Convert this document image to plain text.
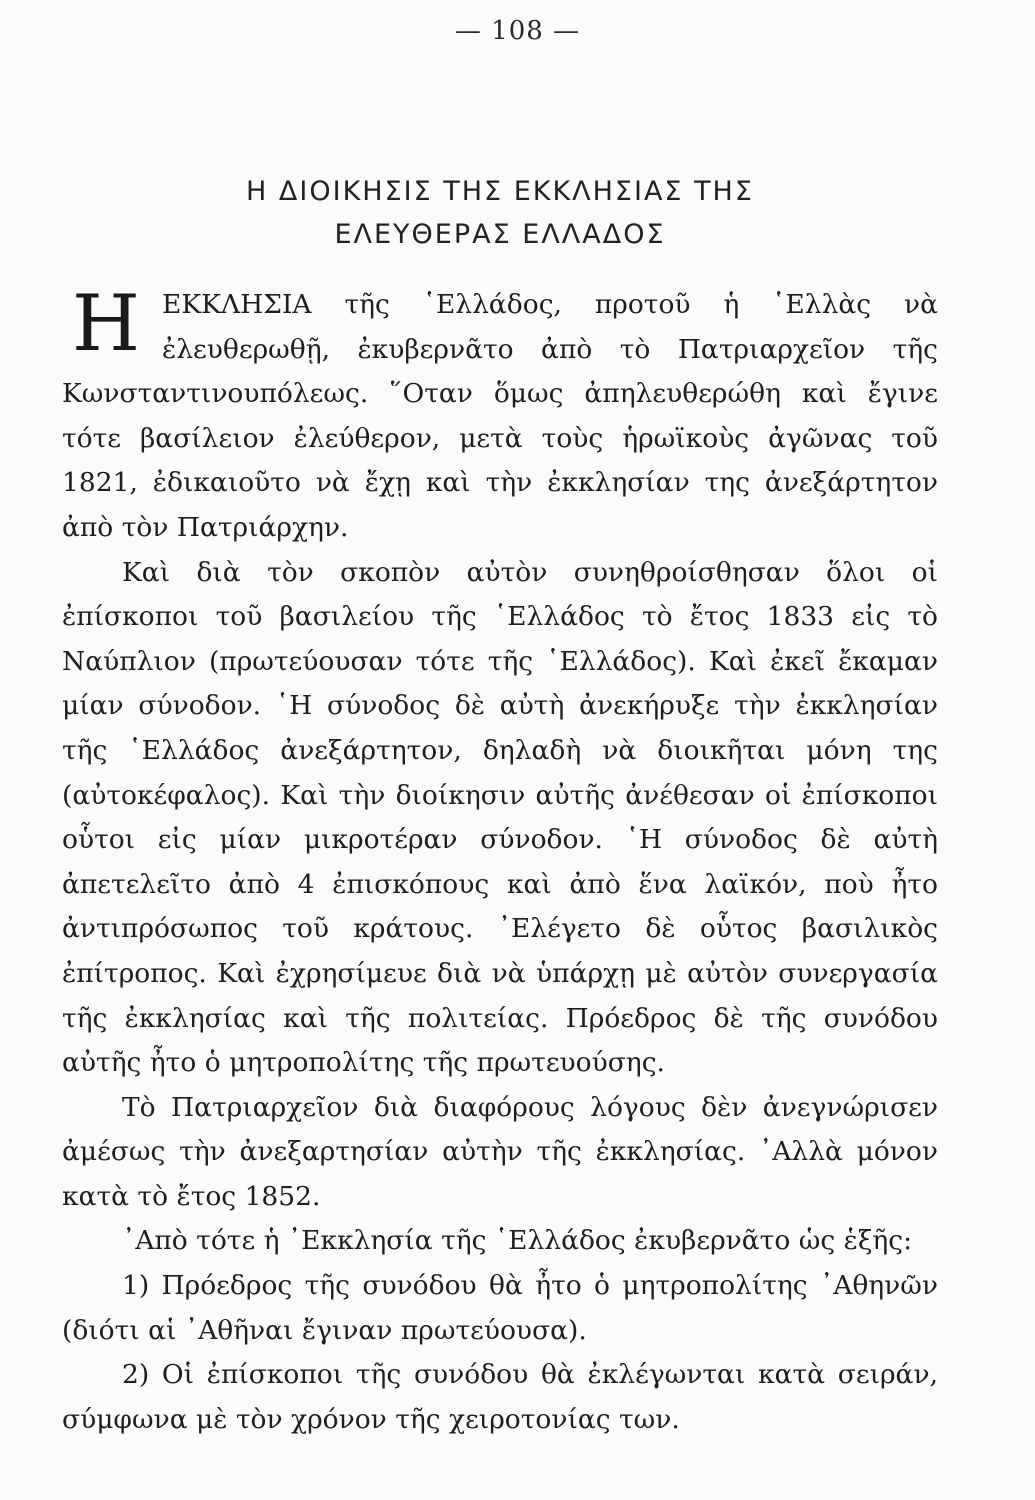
— 108 —
Η ΔΙΟΙΚΗΣΙΣ ΤΗΣ ΕΚΚΛΗΣΙΑΣ ΤΗΣ
ΕΛΕΥΘΕΡΑΣ ΕΛΛΑΔΟΣ

Η ΕΚΚΛΗΣΙΑ τῆς ῾Ελλάδος, προτοῦ ἡ ῾Ελλὰς νὰ ἐλευθερωθῇ, ἐκυβερνᾶτο ἀπὸ τὸ Πατριαρχεῖον τῆς Κωνσταντινουπόλεως. ῞Οταν ὅμως ἀπηλευθερώθη καὶ ἔγινε τότε βασίλειον ἐλεύθερον, μετὰ τοὺς ἡρωϊκοὺς ἀγῶνας τοῦ 1821, ἐδικαιοῦτο νὰ ἔχῃ καὶ τὴν ἐκκλησίαν της ἀνεξάρτητον ἀπὸ τὸν Πατριάρχην.

Καὶ διὰ τὸν σκοπὸν αὐτὸν συνηθροίσθησαν ὅλοι οἱ ἐπίσκοποι τοῦ βασιλείου τῆς ῾Ελλάδος τὸ ἔτος 1833 εἰς τὸ Ναύπλιον (πρωτεύουσαν τότε τῆς ῾Ελλάδος). Καὶ ἐκεῖ ἔκαμαν μίαν σύνοδον. ῾Η σύνοδος δὲ αὐτὴ ἀνεκήρυξε τὴν ἐκκλησίαν τῆς ῾Ελλάδος ἀνεξάρτητον, δηλαδὴ νὰ διοικῆται μόνη της (αὐτοκέφαλος). Καὶ τὴν διοίκησιν αὐτῆς ἀνέθεσαν οἱ ἐπίσκοποι οὗτοι εἰς μίαν μικροτέραν σύνοδον. ῾Η σύνοδος δὲ αὐτὴ ἀπετελεῖτο ἀπὸ 4 ἐπισκόπους καὶ ἀπὸ ἕνα λαϊκόν, ποὺ ἦτο ἀντιπρόσωπος τοῦ κράτους. ᾿Ελέγετο δὲ οὗτος βασιλικὸς ἐπίτροπος. Καὶ ἐχρησίμευε διὰ νὰ ὑπάρχῃ μὲ αὐτὸν συνεργασία τῆς ἐκκλησίας καὶ τῆς πολιτείας. Πρόεδρος δὲ τῆς συνόδου αὐτῆς ἦτο ὁ μητροπολίτης τῆς πρωτευούσης.

Τὸ Πατριαρχεῖον διὰ διαφόρους λόγους δὲν ἀνεγνώρισεν ἀμέσως τὴν ἀνεξαρτησίαν αὐτὴν τῆς ἐκκλησίας. ᾿Αλλὰ μόνον κατὰ τὸ ἔτος 1852.

᾿Απὸ τότε ἡ ᾿Εκκλησία τῆς ῾Ελλάδος ἐκυβερνᾶτο ὡς ἑξῆς:

1) Πρόεδρος τῆς συνόδου θὰ ἦτο ὁ μητροπολίτης ᾿Αθηνῶν (διότι αἱ ᾿Αθῆναι ἔγιναν πρωτεύουσα).

2) Οἱ ἐπίσκοποι τῆς συνόδου θὰ ἐκλέγωνται κατὰ σειράν, σύμφωνα μὲ τὸν χρόνον τῆς χειροτονίας των.
